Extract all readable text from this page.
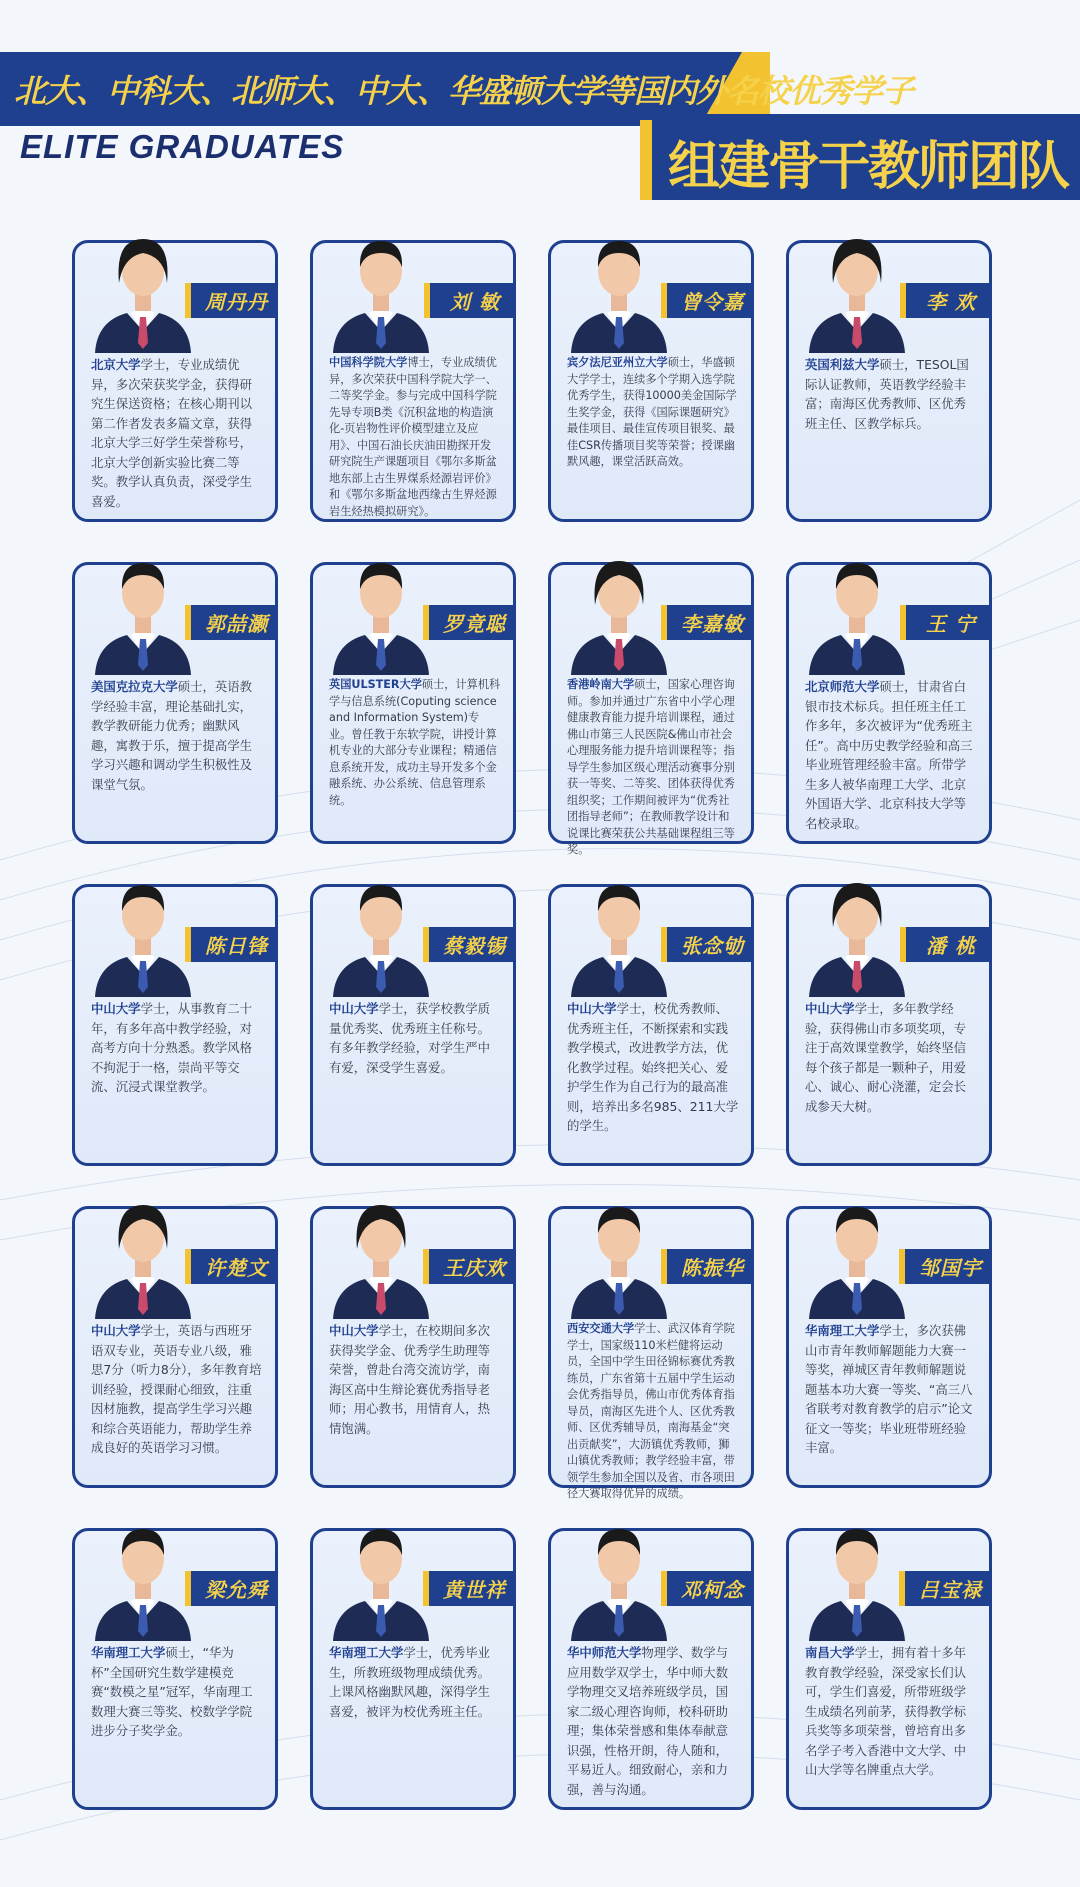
北大、中科大、北师大、中大、华盛顿大学等国内外名校优秀学子
ELITE GRADUATES	组建骨干教师团队
周丹丹
北京大学学士，专业成绩优异，多次荣获奖学金，获得研究生保送资格；在核心期刊以第二作者发表多篇文章，获得北京大学三好学生荣誉称号，北京大学创新实验比赛二等奖。教学认真负责，深受学生喜爱。
刘 敏
中国科学院大学博士，专业成绩优异，多次荣获中国科学院大学一、二等奖学金。参与完成中国科学院先导专项B类《沉积盆地的构造演化-页岩物性评价模型建立及应用》、中国石油长庆油田勘探开发研究院生产课题项目《鄂尔多斯盆地东部上古生界煤系烃源岩评价》和《鄂尔多斯盆地西缘古生界烃源岩生烃热模拟研究》。
曾令嘉
宾夕法尼亚州立大学硕士，华盛顿大学学士，连续多个学期入选学院优秀学生，获得10000美金国际学生奖学金，获得《国际课题研究》最佳项目、最佳宣传项目银奖、最佳CSR传播项目奖等荣誉；授课幽默风趣，课堂活跃高效。
李 欢
英国利兹大学硕士，TESOL国际认证教师，英语教学经验丰富；南海区优秀教师、区优秀班主任、区教学标兵。
郭喆灏
美国克拉克大学硕士，英语教学经验丰富，理论基础扎实，教学教研能力优秀；幽默风趣，寓教于乐，擅于提高学生学习兴趣和调动学生积极性及课堂气氛。
罗竟聪
英国ULSTER大学硕士，计算机科学与信息系统(Coputing science and Information System)专业。曾任教于东软学院，讲授计算机专业的大部分专业课程；精通信息系统开发，成功主导开发多个金融系统、办公系统、信息管理系统。
李嘉敏
香港岭南大学硕士，国家心理咨询师。参加并通过广东省中小学心理健康教育能力提升培训课程，通过佛山市第三人民医院&佛山市社会心理服务能力提升培训课程等；指导学生参加区级心理活动赛事分别获一等奖、二等奖、团体获得优秀组织奖；工作期间被评为“优秀社团指导老师”；在教师教学设计和说课比赛荣获公共基础课程组三等奖。
王 宁
北京师范大学硕士，甘肃省白银市技术标兵。担任班主任工作多年，多次被评为“优秀班主任”。高中历史教学经验和高三毕业班管理经验丰富。所带学生多人被华南理工大学、北京外国语大学、北京科技大学等名校录取。
陈日锋
中山大学学士，从事教育二十年，有多年高中教学经验，对高考方向十分熟悉。教学风格不拘泥于一格，崇尚平等交流、沉浸式课堂教学。
蔡毅锡
中山大学学士，获学校教学质量优秀奖、优秀班主任称号。有多年教学经验，对学生严中有爱，深受学生喜爱。
张念劬
中山大学学士，校优秀教师、优秀班主任，不断探索和实践教学模式，改进教学方法，优化教学过程。始终把关心、爱护学生作为自己行为的最高准则，培养出多名985、211大学的学生。
潘 桃
中山大学学士，多年教学经验，获得佛山市多项奖项，专注于高效课堂教学，始终坚信每个孩子都是一颗种子，用爱心、诚心、耐心浇灌，定会长成参天大树。
许楚文
中山大学学士，英语与西班牙语双专业，英语专业八级，雅思7分（听力8分），多年教育培训经验，授课耐心细致，注重因材施教，提高学生学习兴趣和综合英语能力，帮助学生养成良好的英语学习习惯。
王庆欢
中山大学学士，在校期间多次获得奖学金、优秀学生助理等荣誉，曾赴台湾交流访学，南海区高中生辩论赛优秀指导老师；用心教书，用情育人，热情饱满。
陈振华
西安交通大学学士、武汉体育学院学士，国家级110米栏健将运动员，全国中学生田径锦标赛优秀教练员，广东省第十五届中学生运动会优秀指导员，佛山市优秀体育指导员，南海区先进个人、区优秀教师、区优秀辅导员，南海基金“突出贡献奖”，大沥镇优秀教师，狮山镇优秀教师；教学经验丰富，带领学生参加全国以及省、市各项田径大赛取得优异的成绩。
邹国宇
华南理工大学学士，多次获佛山市青年教师解题能力大赛一等奖，禅城区青年教师解题说题基本功大赛一等奖、“高三八省联考对教育教学的启示”论文征文一等奖；毕业班带班经验丰富。
梁允舜
华南理工大学硕士，“华为杯”全国研究生数学建模竞赛“数模之星”冠军，华南理工数理大赛三等奖、校数学学院进步分子奖学金。
黄世祥
华南理工大学学士，优秀毕业生，所教班级物理成绩优秀。上课风格幽默风趣，深得学生喜爱，被评为校优秀班主任。
邓柯念
华中师范大学物理学、数学与应用数学双学士，华中师大数学物理交叉培养班级学员，国家二级心理咨询师，校科研助理；集体荣誉感和集体奉献意识强，性格开朗，待人随和，平易近人。细致耐心，亲和力强，善与沟通。
吕宝禄
南昌大学学士，拥有着十多年教育教学经验，深受家长们认可，学生们喜爱，所带班级学生成绩名列前茅，获得教学标兵奖等多项荣誉，曾培育出多名学子考入香港中文大学、中山大学等名牌重点大学。
